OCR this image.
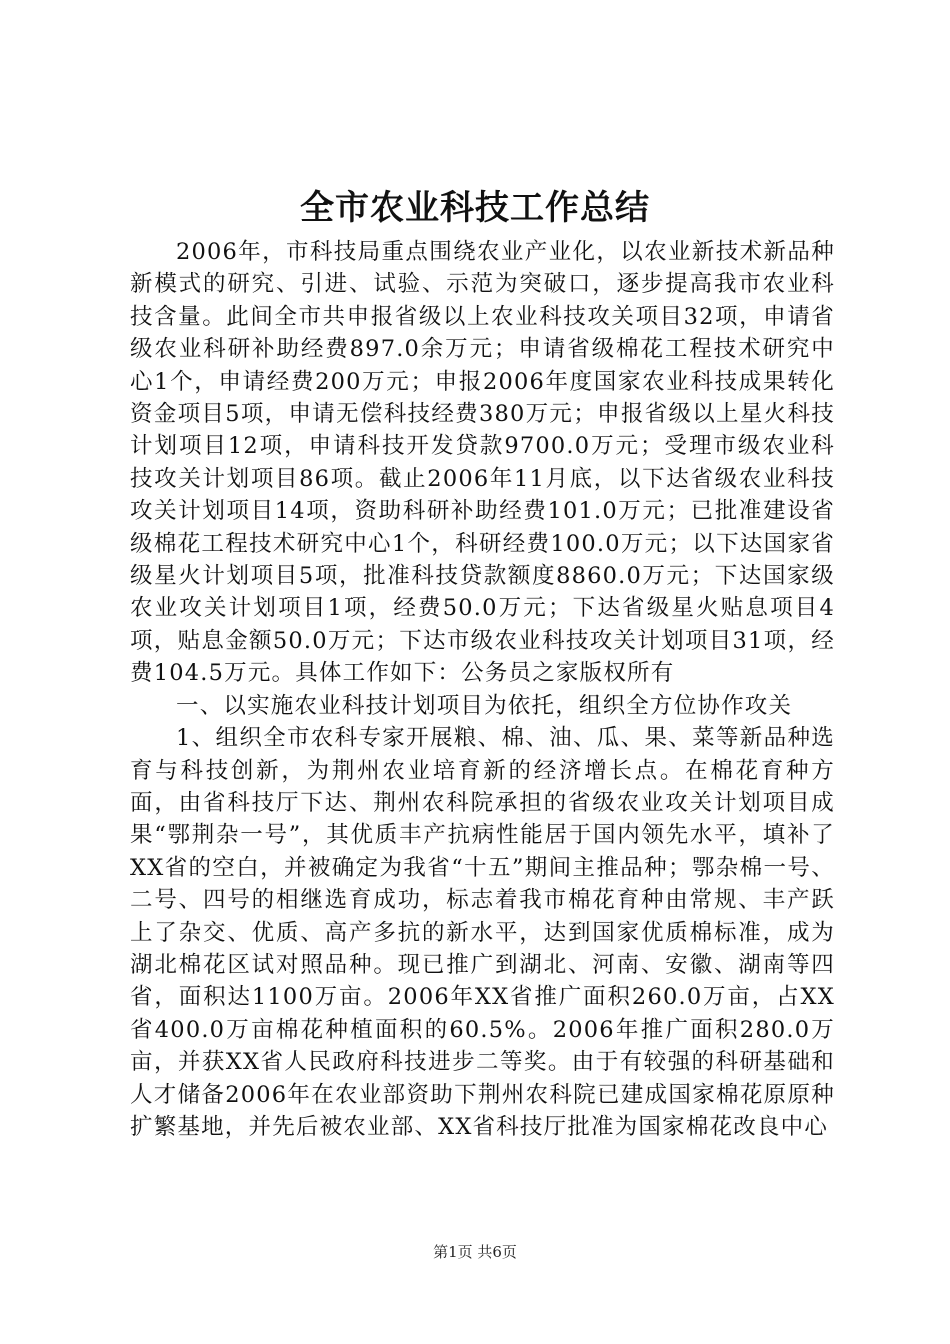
全市农业科技工作总结

2006年，市科技局重点围绕农业产业化，以农业新技术新品种新模式的研究、引进、试验、示范为突破口，逐步提高我市农业科技含量。此间全市共申报省级以上农业科技攻关项目32项，申请省级农业科研补助经费897.0余万元；申请省级棉花工程技术研究中心1个，申请经费200万元；申报2006年度国家农业科技成果转化资金项目5项，申请无偿科技经费380万元；申报省级以上星火科技计划项目12项，申请科技开发贷款9700.0万元；受理市级农业科技攻关计划项目86项。截止2006年11月底，以下达省级农业科技攻关计划项目14项，资助科研补助经费101.0万元；已批准建设省级棉花工程技术研究中心1个，科研经费100.0万元；以下达国家省级星火计划项目5项，批准科技贷款额度8860.0万元；下达国家级农业攻关计划项目1项，经费50.0万元；下达省级星火贴息项目4项，贴息金额50.0万元；下达市级农业科技攻关计划项目31项，经费104.5万元。具体工作如下：公务员之家版权所有

一、以实施农业科技计划项目为依托，组织全方位协作攻关

1、组织全市农科专家开展粮、棉、油、瓜、果、菜等新品种选育与科技创新，为荆州农业培育新的经济增长点。在棉花育种方面，由省科技厅下达、荆州农科院承担的省级农业攻关计划项目成果“鄂荆杂一号”，其优质丰产抗病性能居于国内领先水平，填补了XX省的空白，并被确定为我省“十五”期间主推品种；鄂杂棉一号、二号、四号的相继选育成功，标志着我市棉花育种由常规、丰产跃上了杂交、优质、高产多抗的新水平，达到国家优质棉标准，成为湖北棉花区试对照品种。现已推广到湖北、河南、安徽、湖南等四省，面积达1100万亩。2006年XX省推广面积260.0万亩，占XX省400.0万亩棉花种植面积的60.5%。2006年推广面积280.0万亩，并获XX省人民政府科技进步二等奖。由于有较强的科研基础和人才储备2006年在农业部资助下荆州农科院已建成国家棉花原原种扩繁基地，并先后被农业部、XX省科技厅批准为国家棉花改良中心

第1页 共6页
